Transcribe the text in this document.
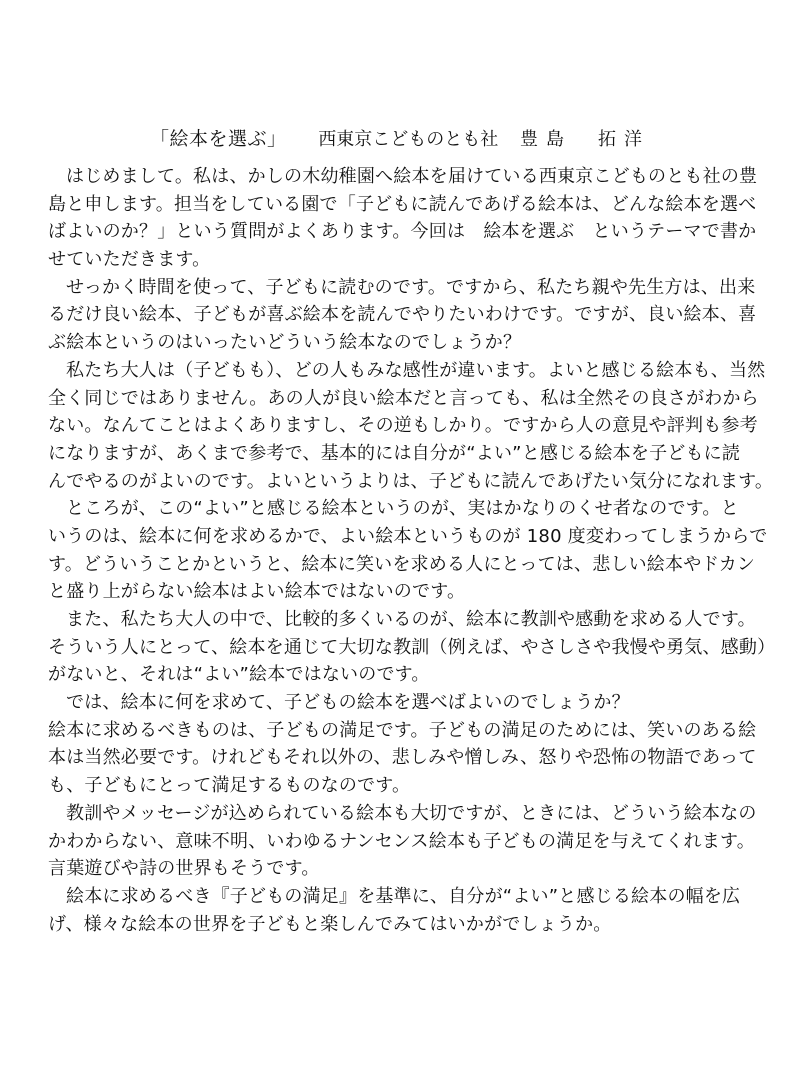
「絵本を選ぶ」 西東京こどものとも社 豊島　拓洋
はじめまして。私は、かしの木幼稚園へ絵本を届けている西東京こどものとも社の豊
島と申します。担当をしている園で「子どもに読んであげる絵本は、どんな絵本を選べ
ばよいのか？」という質問がよくあります。今回は　絵本を選ぶ　というテーマで書か
せていただきます。
せっかく時間を使って、子どもに読むのです。ですから、私たち親や先生方は、出来
るだけ良い絵本、子どもが喜ぶ絵本を読んでやりたいわけです。ですが、良い絵本、喜
ぶ絵本というのはいったいどういう絵本なのでしょうか？
私たち大人は（子どもも）、どの人もみな感性が違います。よいと感じる絵本も、当然
全く同じではありません。あの人が良い絵本だと言っても、私は全然その良さがわから
ない。なんてことはよくありますし、その逆もしかり。ですから人の意見や評判も参考
になりますが、あくまで参考で、基本的には自分が“よい”と感じる絵本を子どもに読
んでやるのがよいのです。よいというよりは、子どもに読んであげたい気分になれます。
ところが、この“よい”と感じる絵本というのが、実はかなりのくせ者なのです。と
いうのは、絵本に何を求めるかで、よい絵本というものが 180 度変わってしまうからで
す。どういうことかというと、絵本に笑いを求める人にとっては、悲しい絵本やドカン
と盛り上がらない絵本はよい絵本ではないのです。
また、私たち大人の中で、比較的多くいるのが、絵本に教訓や感動を求める人です。
そういう人にとって、絵本を通じて大切な教訓（例えば、やさしさや我慢や勇気、感動）
がないと、それは“よい”絵本ではないのです。
では、絵本に何を求めて、子どもの絵本を選べばよいのでしょうか？
絵本に求めるべきものは、子どもの満足です。子どもの満足のためには、笑いのある絵
本は当然必要です。けれどもそれ以外の、悲しみや憎しみ、怒りや恐怖の物語であって
も、子どもにとって満足するものなのです。
教訓やメッセージが込められている絵本も大切ですが、ときには、どういう絵本なの
かわからない、意味不明、いわゆるナンセンス絵本も子どもの満足を与えてくれます。
言葉遊びや詩の世界もそうです。
絵本に求めるべき『子どもの満足』を基準に、自分が“よい”と感じる絵本の幅を広
げ、様々な絵本の世界を子どもと楽しんでみてはいかがでしょうか。
